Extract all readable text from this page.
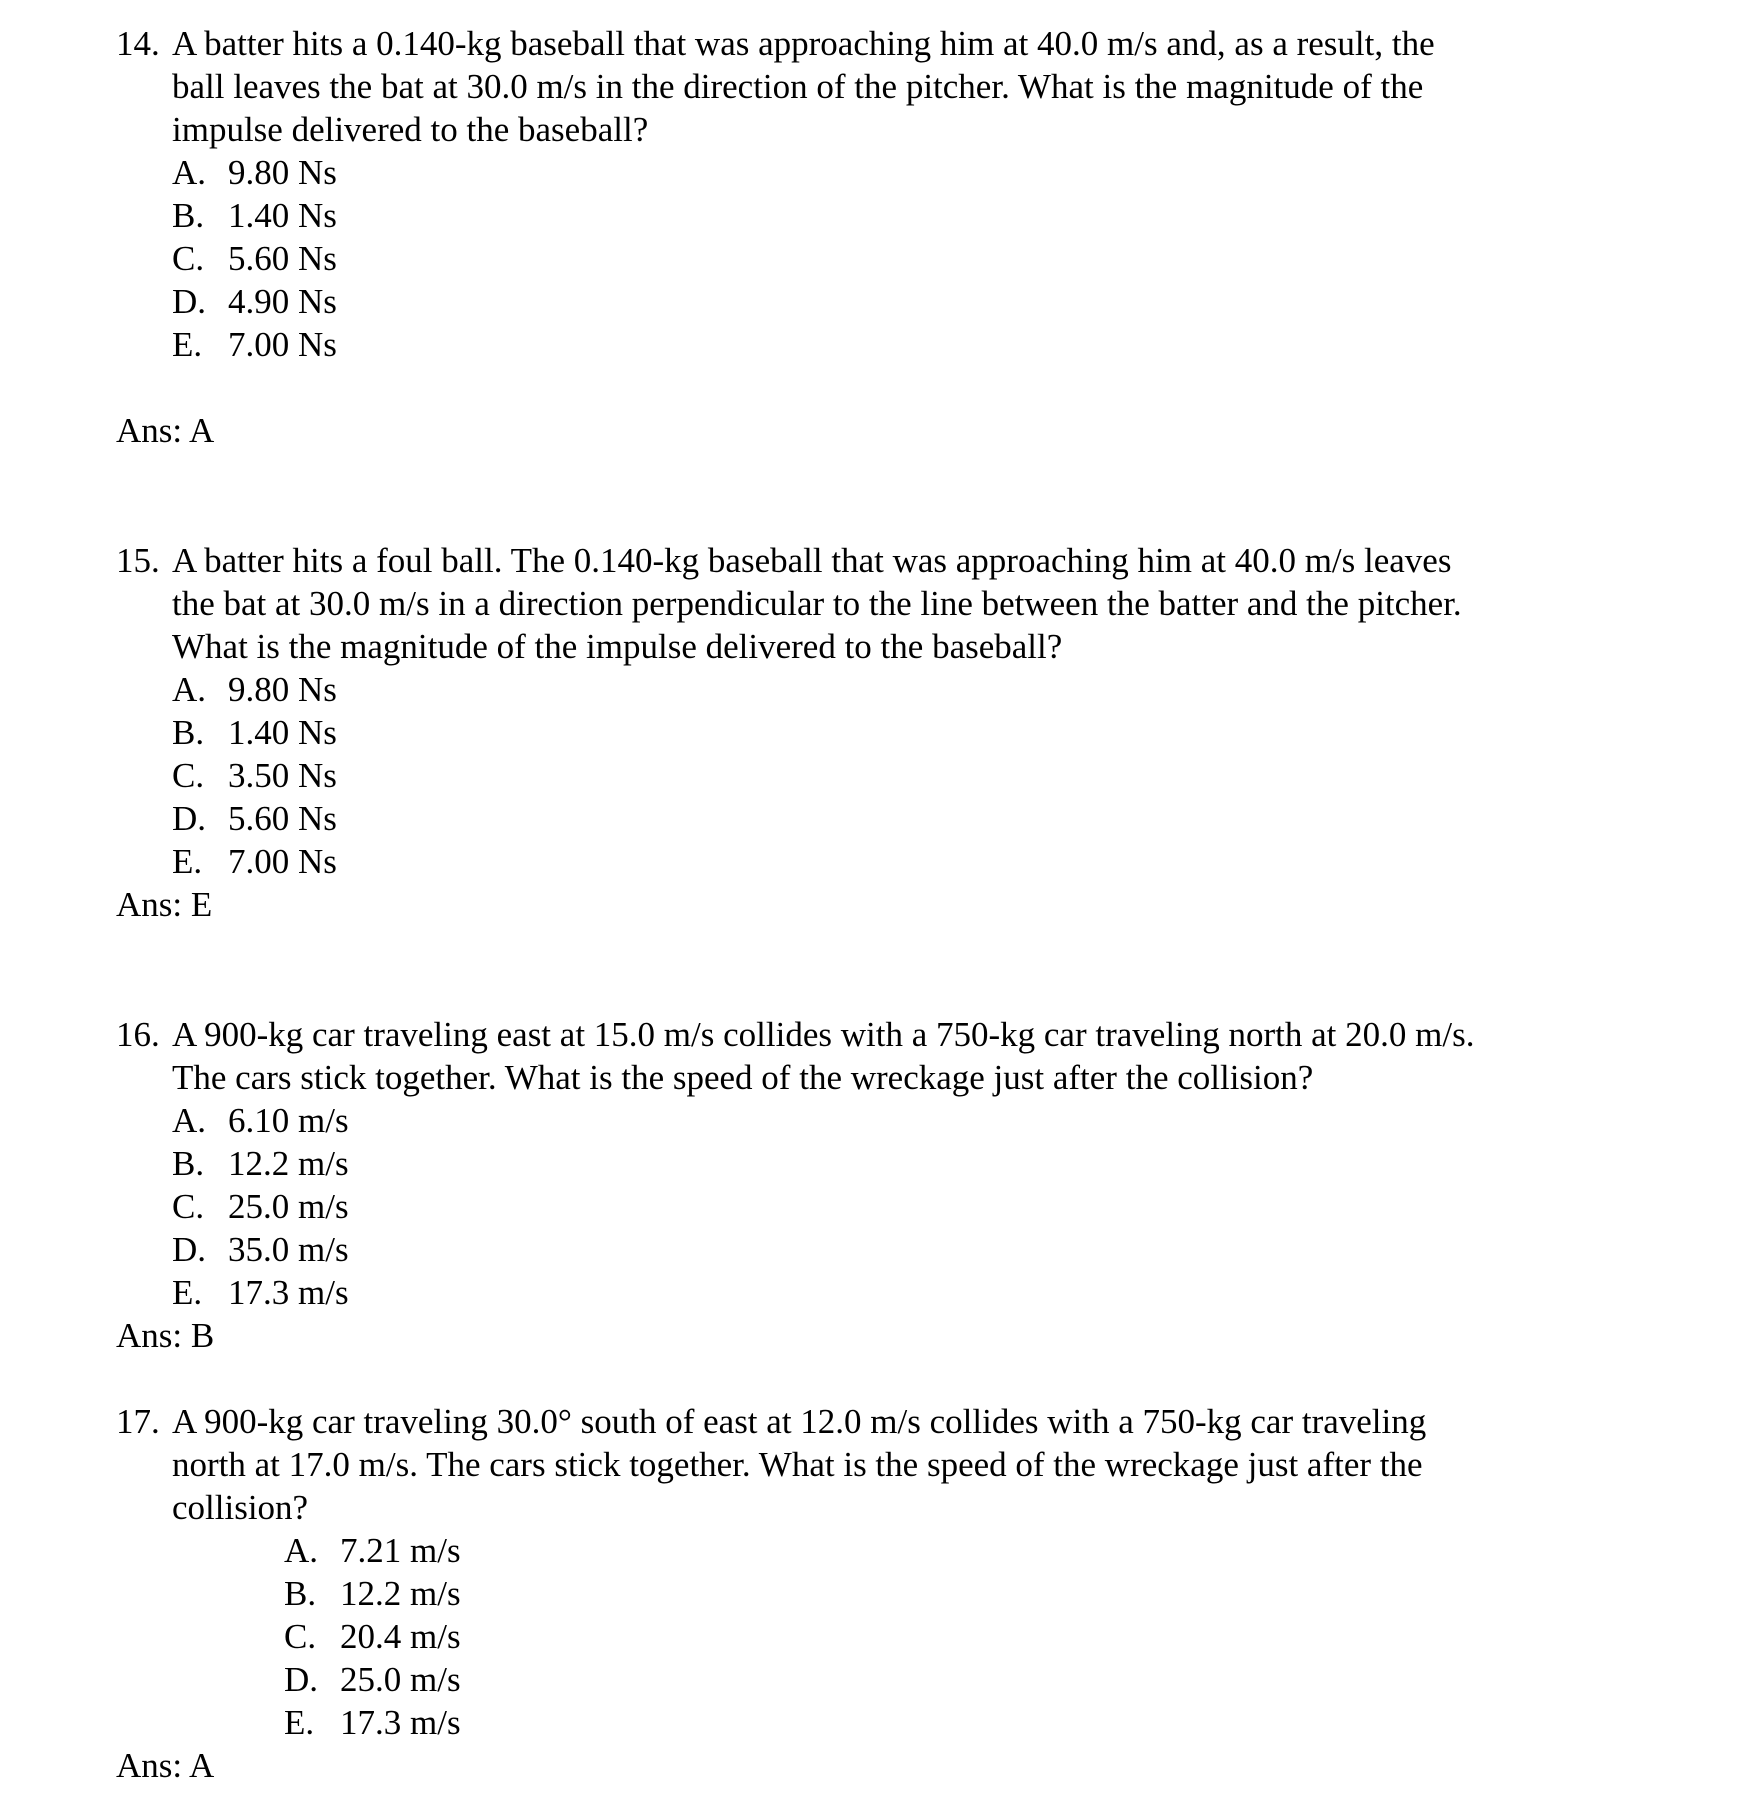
14. A batter hits a 0.140-kg baseball that was approaching him at 40.0 m/s and, as a result, the
ball leaves the bat at 30.0 m/s in the direction of the pitcher. What is the magnitude of the
impulse delivered to the baseball?
A. 9.80 Ns
B. 1.40 Ns
C. 5.60 Ns
D. 4.90 Ns
E. 7.00 Ns
Ans: A
15. A batter hits a foul ball. The 0.140-kg baseball that was approaching him at 40.0 m/s leaves
the bat at 30.0 m/s in a direction perpendicular to the line between the batter and the pitcher.
What is the magnitude of the impulse delivered to the baseball?
A. 9.80 Ns
B. 1.40 Ns
C. 3.50 Ns
D. 5.60 Ns
E. 7.00 Ns
Ans: E
16. A 900-kg car traveling east at 15.0 m/s collides with a 750-kg car traveling north at 20.0 m/s.
The cars stick together. What is the speed of the wreckage just after the collision?
A. 6.10 m/s
B. 12.2 m/s
C. 25.0 m/s
D. 35.0 m/s
E. 17.3 m/s
Ans: B
17. A 900-kg car traveling 30.0° south of east at 12.0 m/s collides with a 750-kg car traveling
north at 17.0 m/s. The cars stick together. What is the speed of the wreckage just after the
collision?
A. 7.21 m/s
B. 12.2 m/s
C. 20.4 m/s
D. 25.0 m/s
E. 17.3 m/s
Ans: A
